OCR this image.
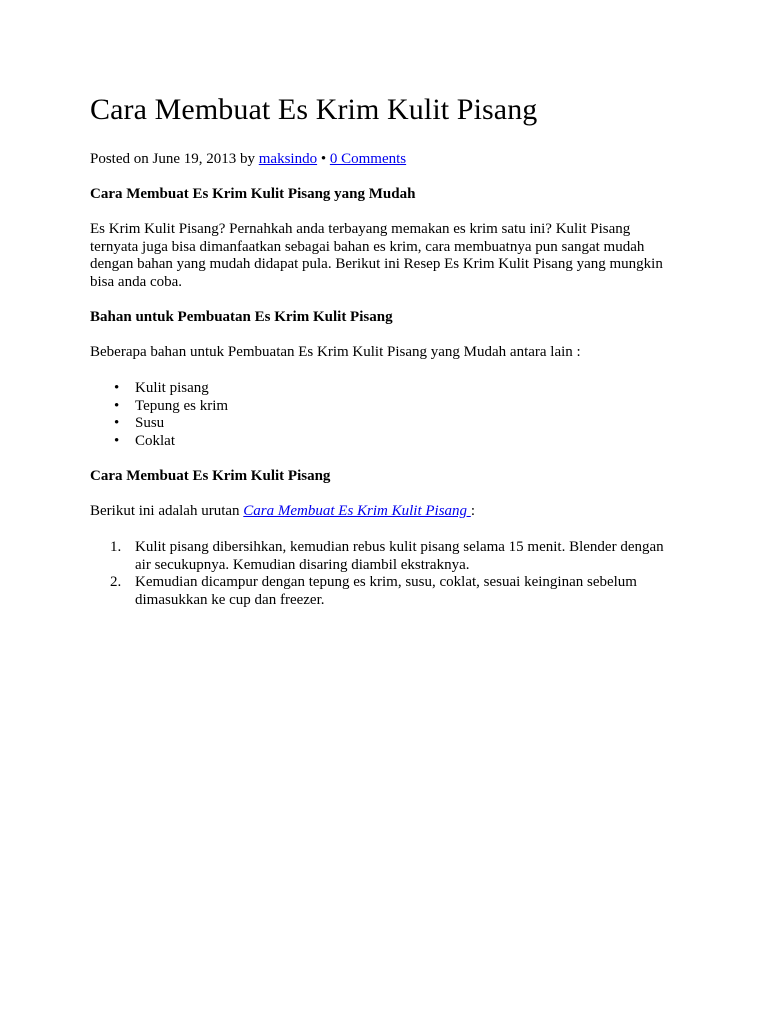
Cara Membuat Es Krim Kulit Pisang
Posted on June 19, 2013 by maksindo • 0 Comments
Cara Membuat Es Krim Kulit Pisang yang Mudah

Es Krim Kulit Pisang? Pernahkah anda terbayang memakan es krim satu ini? Kulit Pisang ternyata juga bisa dimanfaatkan sebagai bahan es krim, cara membuatnya pun sangat mudah dengan bahan yang mudah didapat pula. Berikut ini Resep Es Krim Kulit Pisang yang mungkin bisa anda coba.

Bahan untuk Pembuatan Es Krim Kulit Pisang

Beberapa bahan untuk Pembuatan Es Krim Kulit Pisang yang Mudah antara lain :

• Kulit pisang
• Tepung es krim
• Susu
• Coklat
Cara Membuat Es Krim Kulit Pisang

Berikut ini adalah urutan Cara Membuat Es Krim Kulit Pisang :

1. Kulit pisang dibersihkan, kemudian rebus kulit pisang selama 15 menit. Blender dengan air secukupnya. Kemudian disaring diambil ekstraknya.
2. Kemudian dicampur dengan tepung es krim, susu, coklat, sesuai keinginan sebelum dimasukkan ke cup dan freezer.
